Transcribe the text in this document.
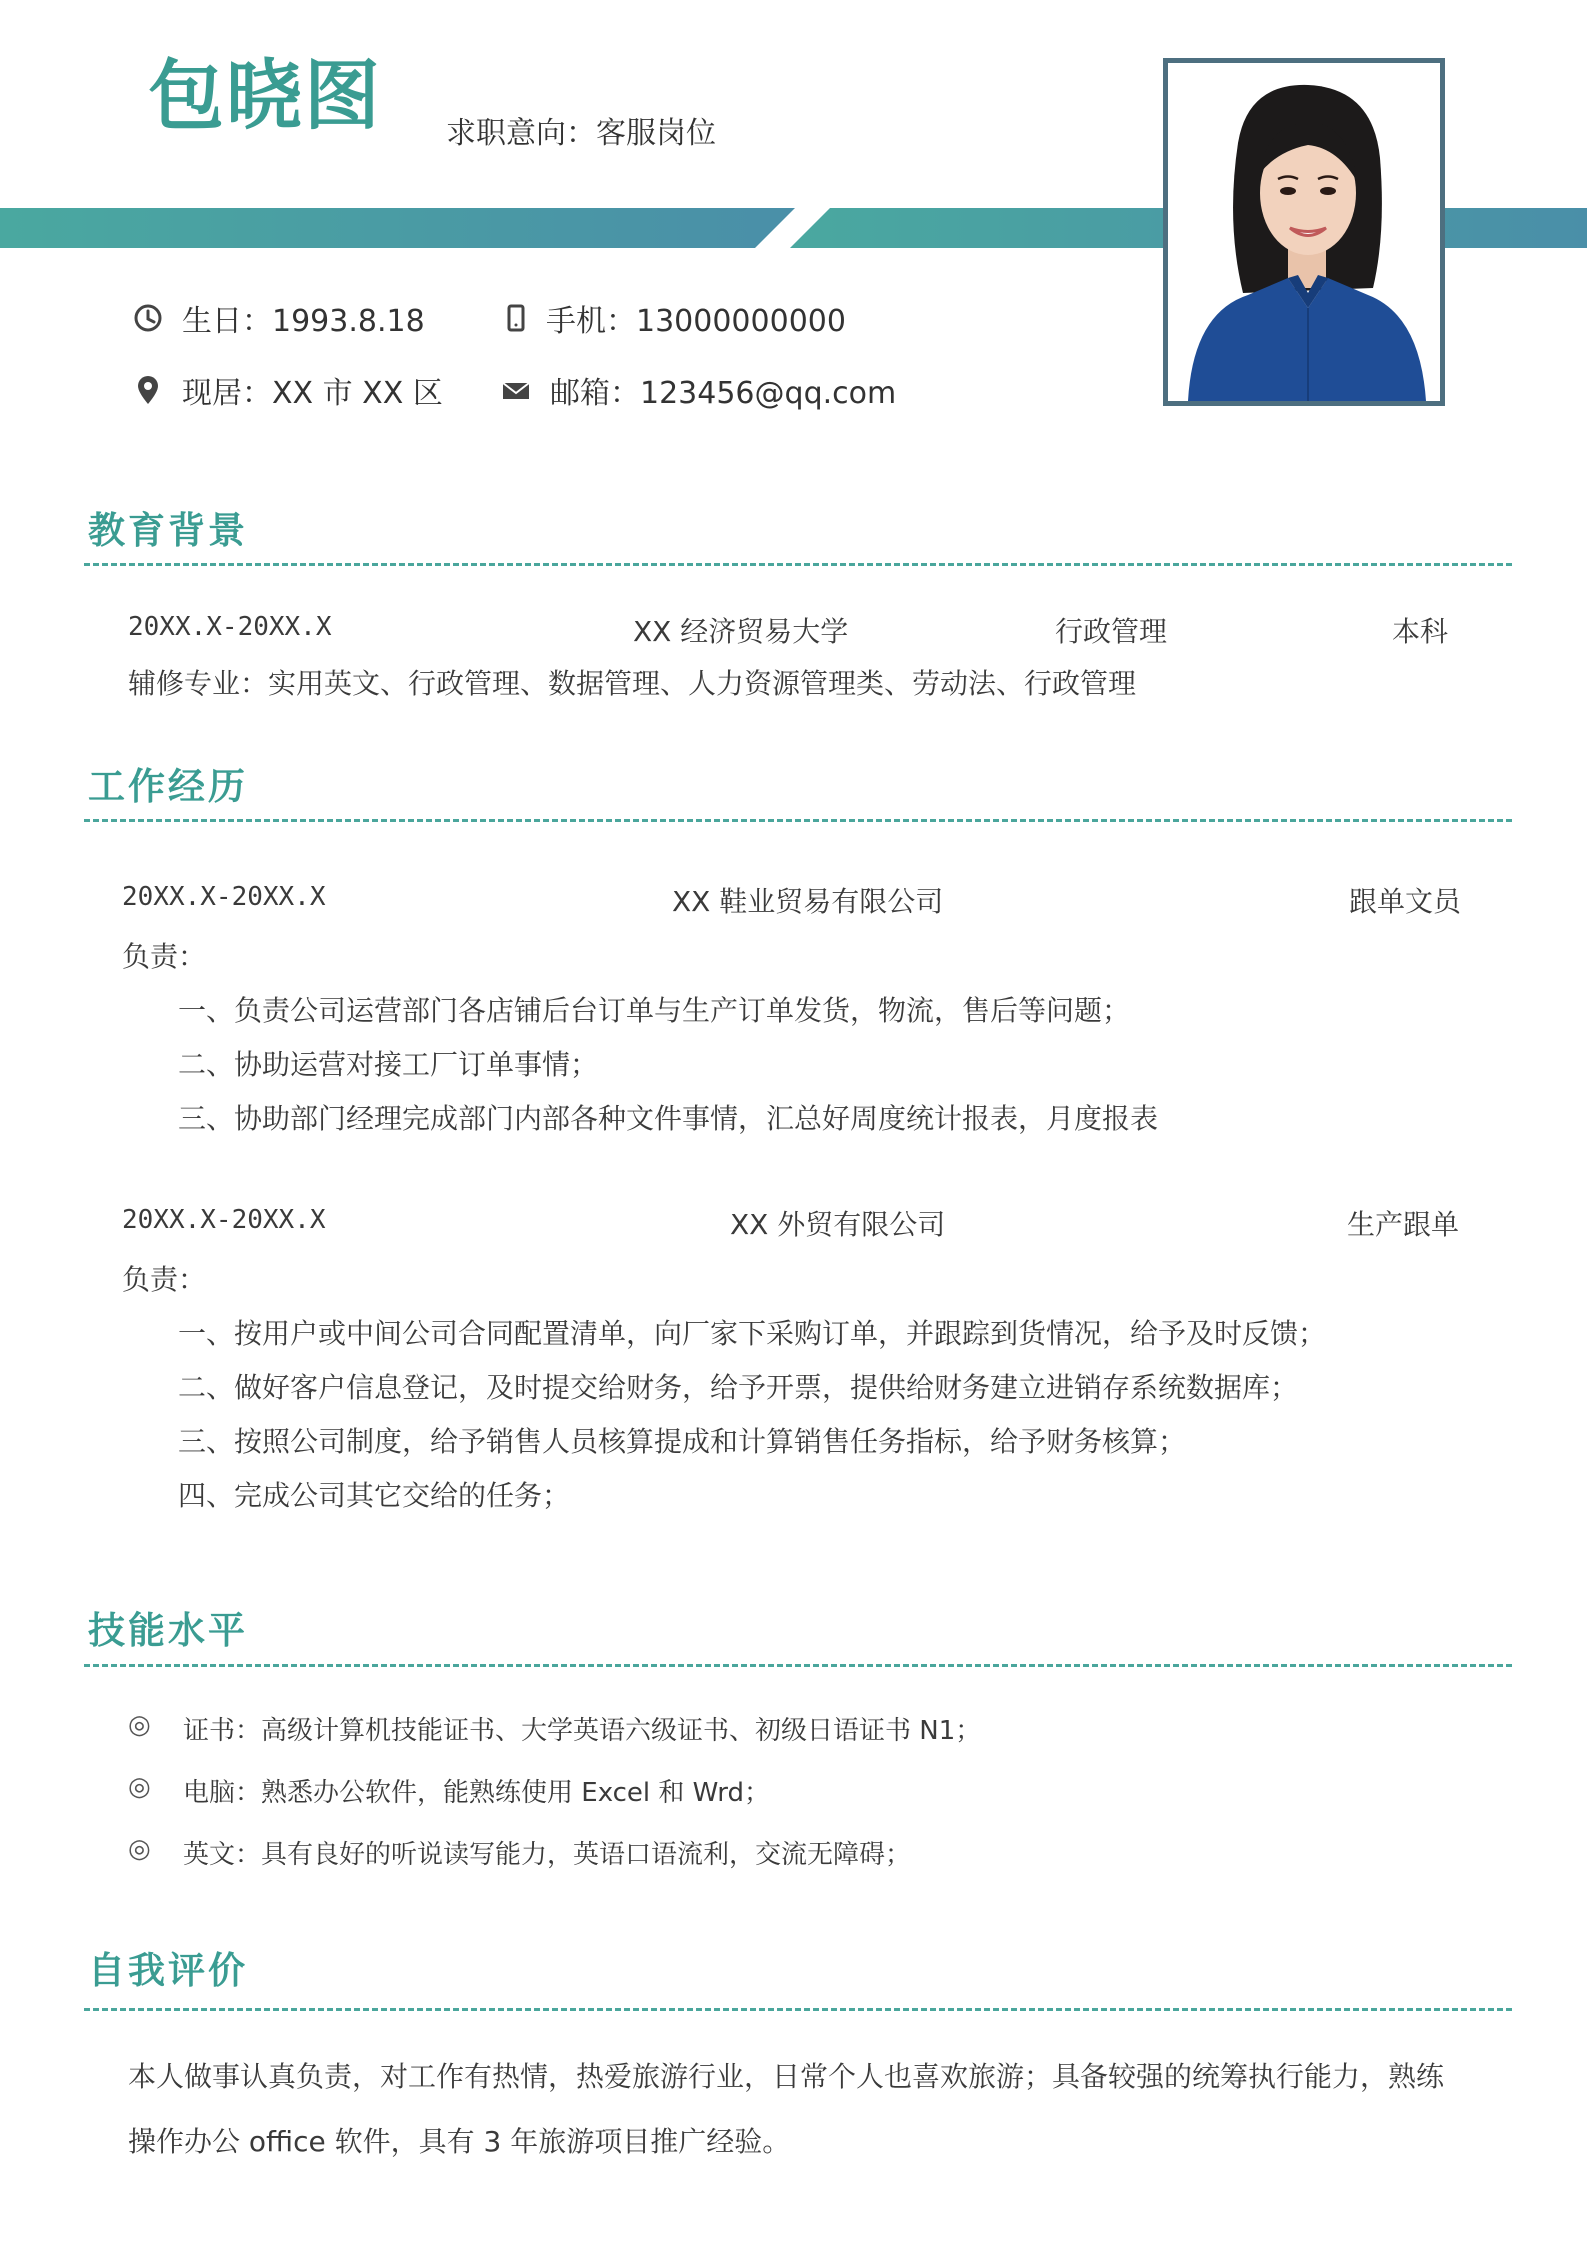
包晓图 求职意向：客服岗位
生日：1993.8.18	手机：13000000000
现居：XX 市 XX 区	邮箱：123456@qq.com
教育背景
20XX.X-20XX.X	XX 经济贸易大学	行政管理	本科
辅修专业：实用英文、行政管理、数据管理、人力资源管理类、劳动法、行政管理
工作经历
20XX.X-20XX.X	XX 鞋业贸易有限公司	跟单文员
负责：
一、负责公司运营部门各店铺后台订单与生产订单发货，物流，售后等问题；
二、协助运营对接工厂订单事情；
三、协助部门经理完成部门内部各种文件事情，汇总好周度统计报表，月度报表
20XX.X-20XX.X	XX 外贸有限公司	生产跟单
负责：
一、按用户或中间公司合同配置清单，向厂家下采购订单，并跟踪到货情况，给予及时反馈；
二、做好客户信息登记，及时提交给财务，给予开票，提供给财务建立进销存系统数据库；
三、按照公司制度，给予销售人员核算提成和计算销售任务指标，给予财务核算；
四、完成公司其它交给的任务；
技能水平
◎ 证书：高级计算机技能证书、大学英语六级证书、初级日语证书 N1；
◎ 电脑：熟悉办公软件，能熟练使用 Excel 和 Wrd；
◎ 英文：具有良好的听说读写能力，英语口语流利，交流无障碍；
自我评价
本人做事认真负责，对工作有热情，热爱旅游行业，日常个人也喜欢旅游；具备较强的统筹执行能力，熟练
操作办公 office 软件，具有 3 年旅游项目推广经验。
